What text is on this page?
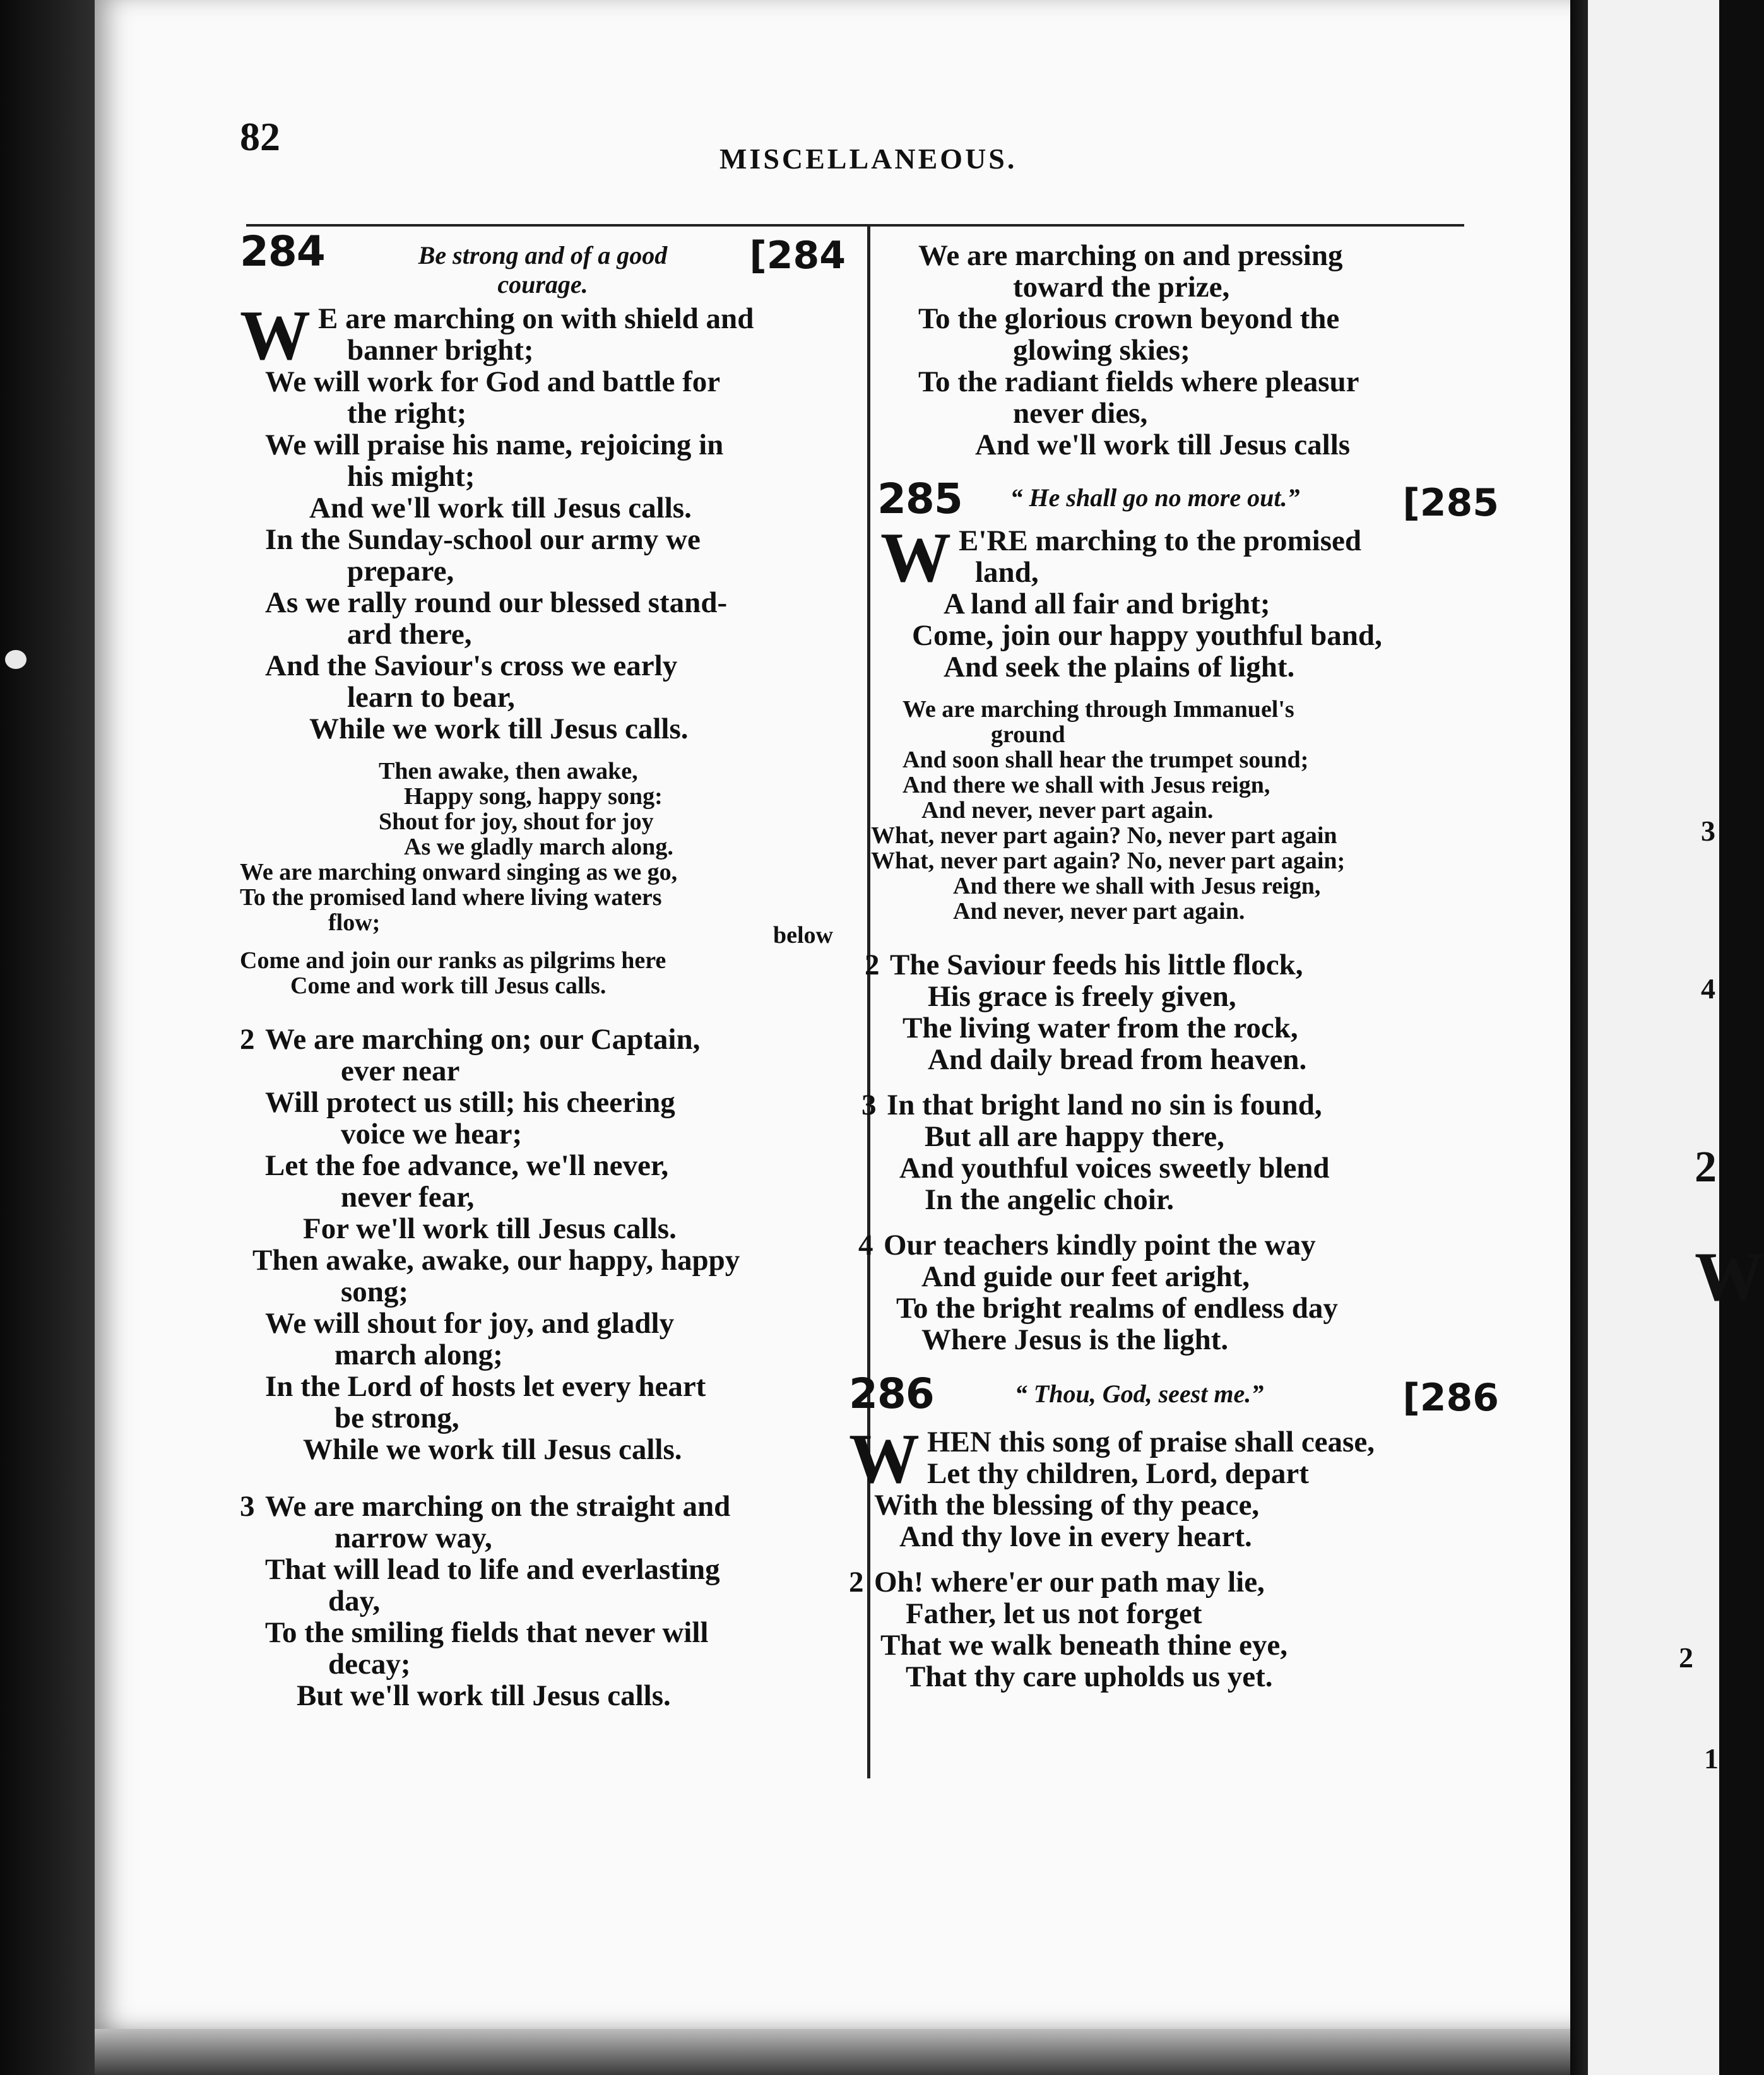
3
4
2
W
2
1
82	MISCELLANEOUS.
284	Be strong and of a good courage.
[284
W E are marching on with shield and
banner bright;
We will work for God and battle for
the right;
We will praise his name, rejoicing in
his might;
And we'll work till Jesus calls.
In the Sunday-school our army we
prepare,
As we rally round our blessed stand-
ard there,
And the Saviour's cross we early
learn to bear,
While we work till Jesus calls.
Then awake, then awake,
Happy song, happy song:
Shout for joy, shout for joy
As we gladly march along.
We are marching onward singing as we go,
To the promised land where living waters
flow;	below
Come and join our ranks as pilgrims here
Come and work till Jesus calls.
2 We are marching on; our Captain,
ever near
Will protect us still; his cheering
voice we hear;
Let the foe advance, we'll never,
never fear,
For we'll work till Jesus calls.
Then awake, awake, our happy, happy
song;
We will shout for joy, and gladly
march along;
In the Lord of hosts let every heart
be strong,
While we work till Jesus calls.
3 We are marching on the straight and
narrow way,
That will lead to life and everlasting
day,
To the smiling fields that never will
decay;
But we'll work till Jesus calls.
We are marching on and pressing
toward the prize,
To the glorious crown beyond the
glowing skies;
To the radiant fields where pleasur
never dies,
And we'll work till Jesus calls
285	“ He shall go no more out.”	[285
W E'RE marching to the promised
land,
A land all fair and bright;
Come, join our happy youthful band,
And seek the plains of light.
We are marching through Immanuel's
ground
And soon shall hear the trumpet sound;
And there we shall with Jesus reign,
And never, never part again.
What, never part again? No, never part again
What, never part again? No, never part again;
And there we shall with Jesus reign,
And never, never part again.
2 The Saviour feeds his little flock,
His grace is freely given,
The living water from the rock,
And daily bread from heaven.
3 In that bright land no sin is found,
But all are happy there,
And youthful voices sweetly blend
In the angelic choir.
4 Our teachers kindly point the way
And guide our feet aright,
To the bright realms of endless day
Where Jesus is the light.
286	“ Thou, God, seest me.”	[286
W HEN this song of praise shall cease,
Let thy children, Lord, depart
With the blessing of thy peace,
And thy love in every heart.
2 Oh! where'er our path may lie,
Father, let us not forget
That we walk beneath thine eye,
That thy care upholds us yet.
